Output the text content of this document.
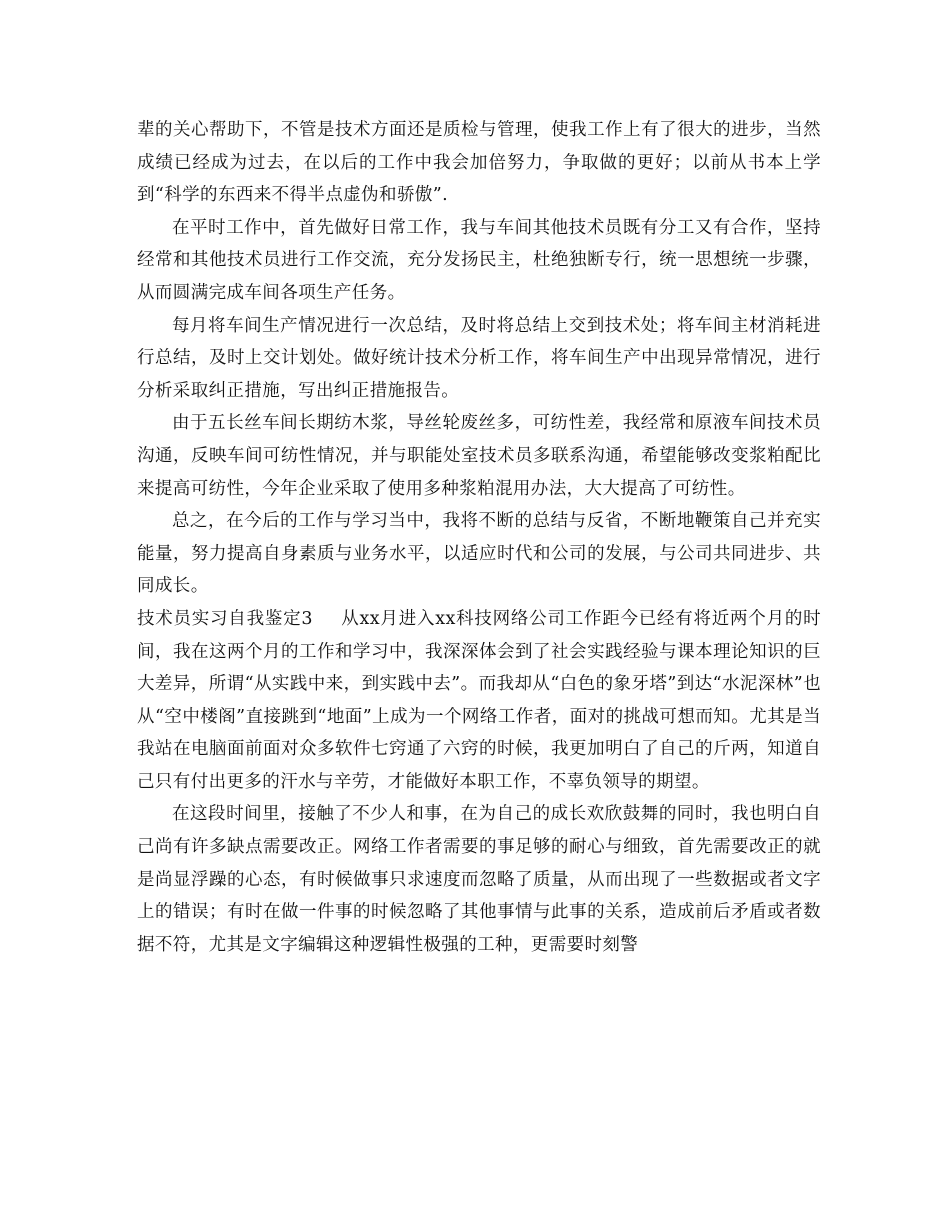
辈的关心帮助下，不管是技术方面还是质检与管理，使我工作上有了很大的进步，当然成绩已经成为过去，在以后的工作中我会加倍努力，争取做的更好；以前从书本上学到“科学的东西来不得半点虚伪和骄傲”.

在平时工作中，首先做好日常工作，我与车间其他技术员既有分工又有合作，坚持经常和其他技术员进行工作交流，充分发扬民主，杜绝独断专行，统一思想统一步骤，从而圆满完成车间各项生产任务。

每月将车间生产情况进行一次总结，及时将总结上交到技术处；将车间主材消耗进行总结，及时上交计划处。做好统计技术分析工作，将车间生产中出现异常情况，进行分析采取纠正措施，写出纠正措施报告。

由于五长丝车间长期纺木浆，导丝轮废丝多，可纺性差，我经常和原液车间技术员沟通，反映车间可纺性情况，并与职能处室技术员多联系沟通，希望能够改变浆粕配比来提高可纺性，今年企业采取了使用多种浆粕混用办法，大大提高了可纺性。

总之，在今后的工作与学习当中，我将不断的总结与反省，不断地鞭策自己并充实能量，努力提高自身素质与业务水平，以适应时代和公司的发展，与公司共同进步、共同成长。

技术员实习自我鉴定3 从xx月进入xx科技网络公司工作距今已经有将近两个月的时间，我在这两个月的工作和学习中，我深深体会到了社会实践经验与课本理论知识的巨大差异，所谓“从实践中来，到实践中去”。而我却从“白色的象牙塔”到达“水泥深林”也从“空中楼阁”直接跳到“地面”上成为一个网络工作者，面对的挑战可想而知。尤其是当我站在电脑面前面对众多软件七窍通了六窍的时候，我更加明白了自己的斤两，知道自己只有付出更多的汗水与辛劳，才能做好本职工作，不辜负领导的期望。

在这段时间里，接触了不少人和事，在为自己的成长欢欣鼓舞的同时，我也明白自己尚有许多缺点需要改正。网络工作者需要的事足够的耐心与细致，首先需要改正的就是尚显浮躁的心态，有时候做事只求速度而忽略了质量，从而出现了一些数据或者文字上的错误；有时在做一件事的时候忽略了其他事情与此事的关系，造成前后矛盾或者数据不符，尤其是文字编辑这种逻辑性极强的工种，更需要时刻警
